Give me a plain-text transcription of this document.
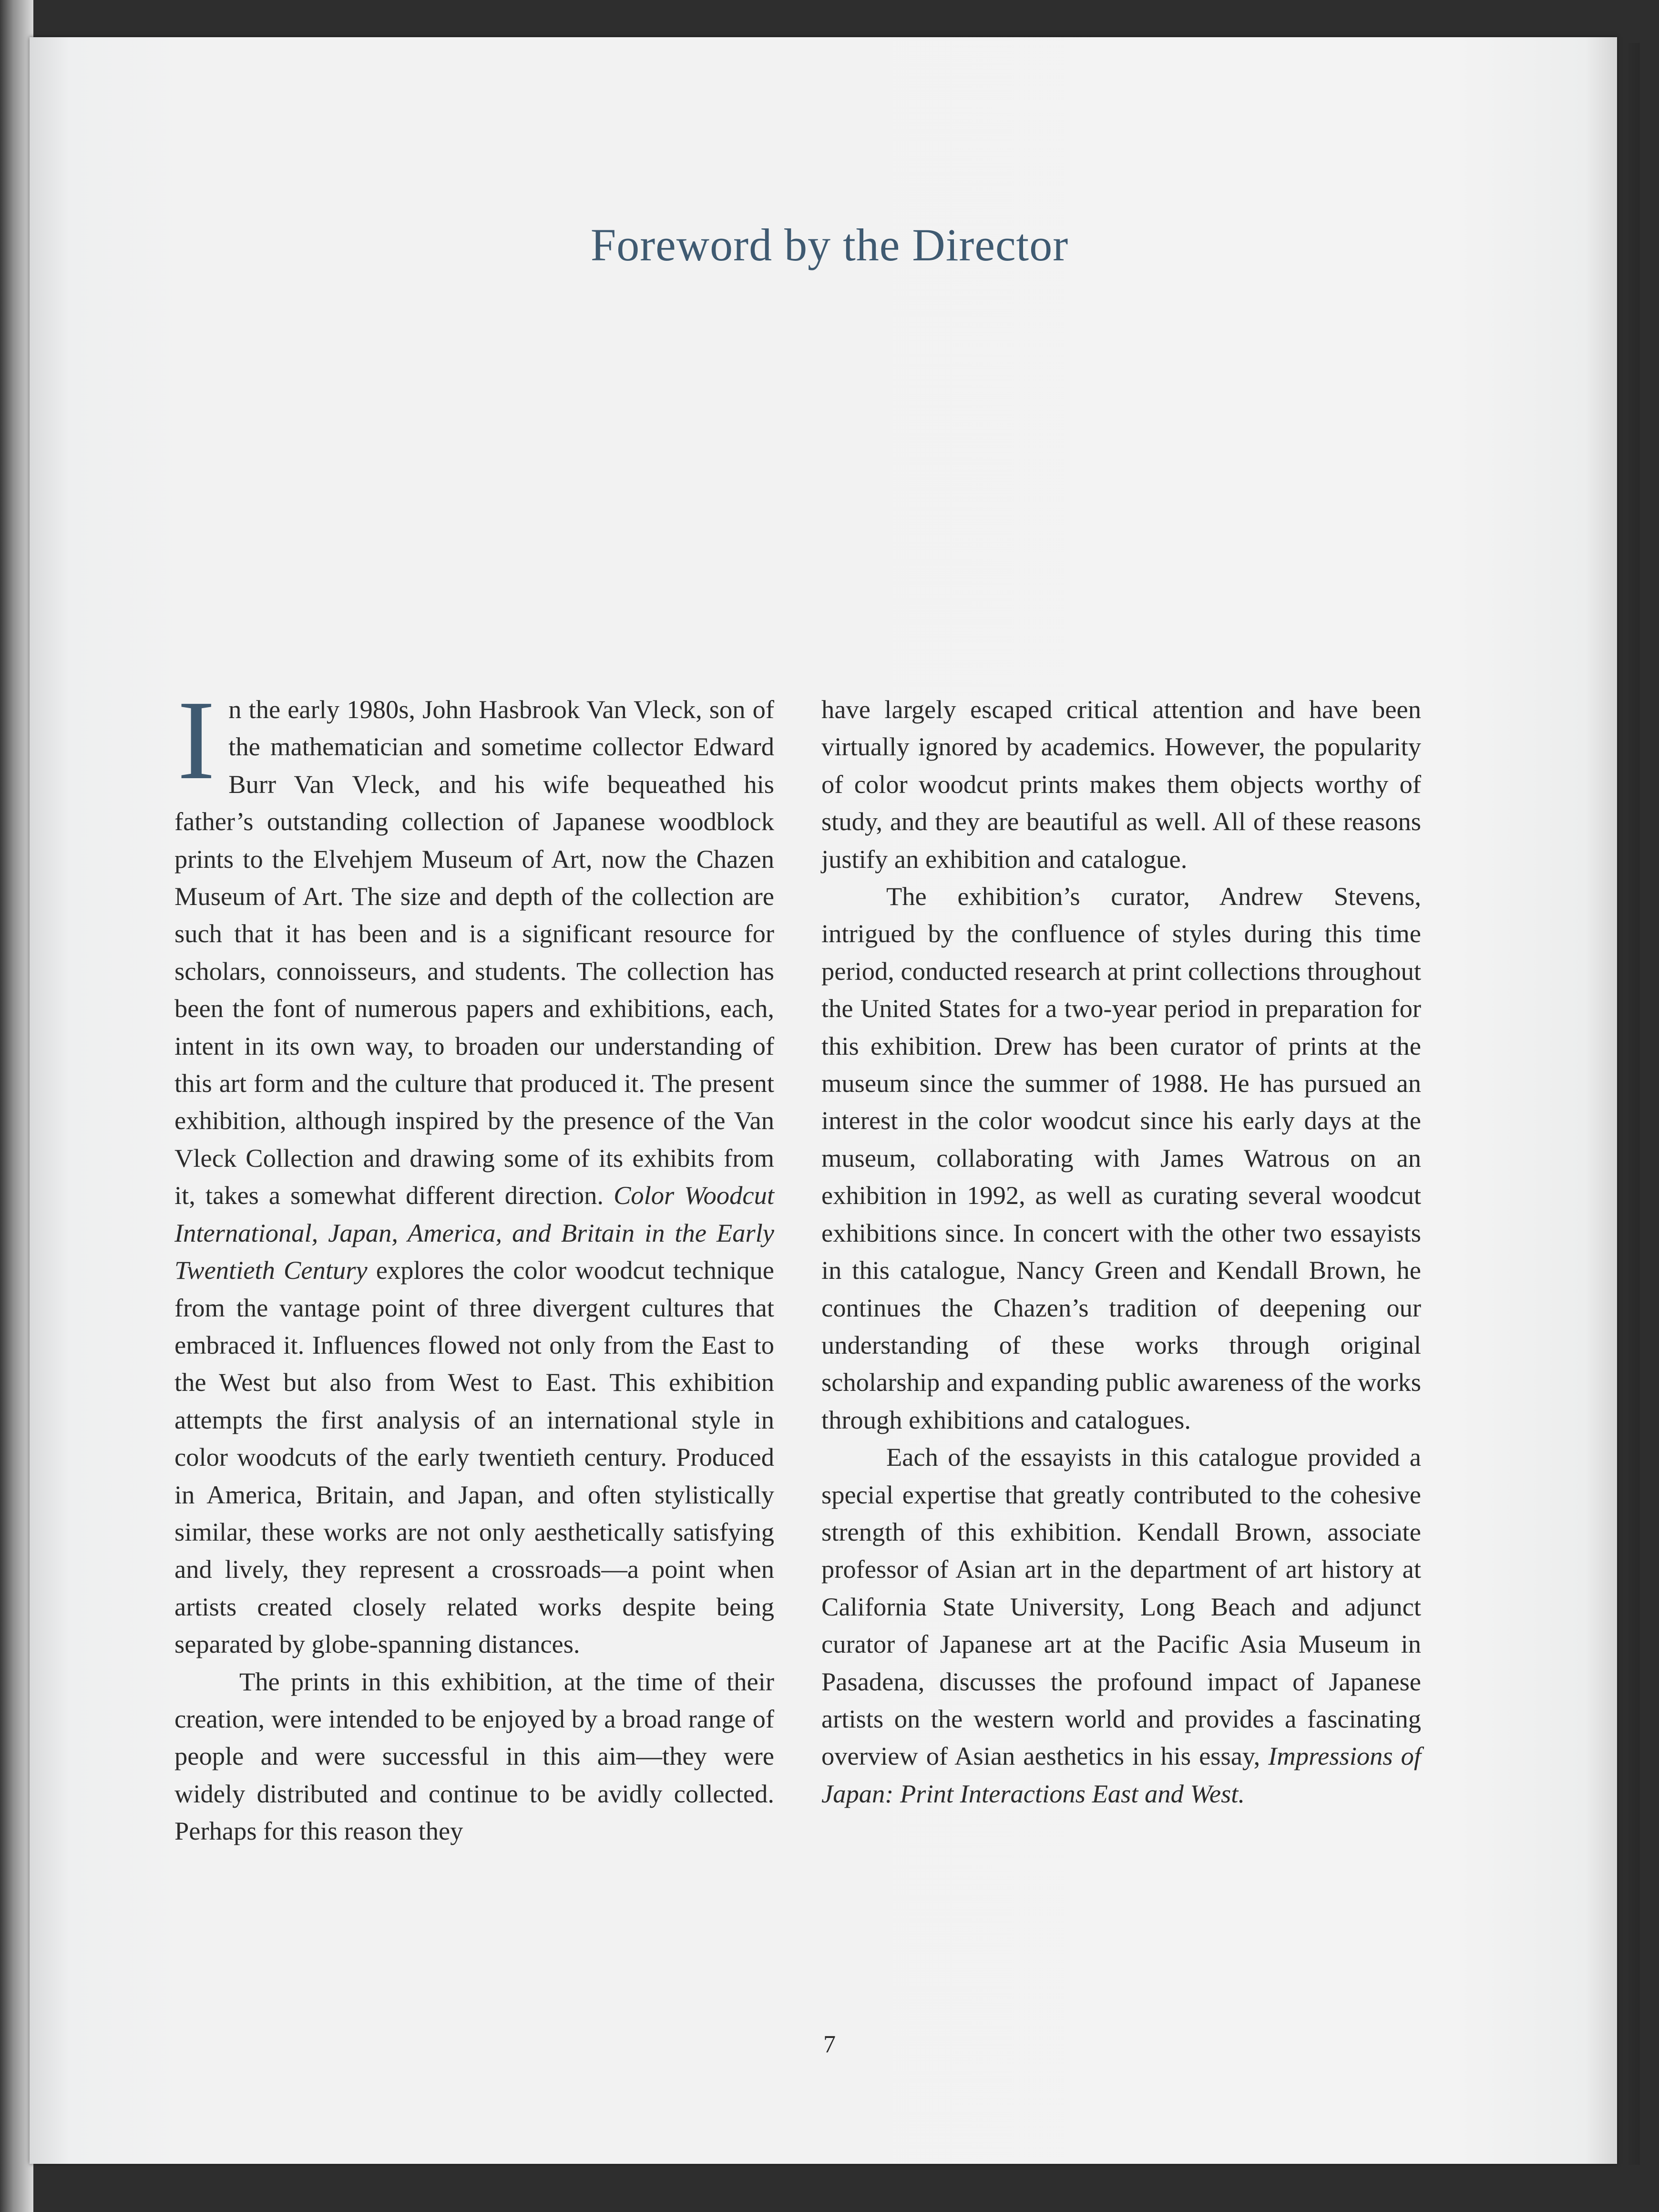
Foreword by the Director

In the early 1980s, John Hasbrook Van Vleck, son of the mathematician and sometime collector Edward Burr Van Vleck, and his wife bequeathed his father’s outstanding collection of Japanese woodblock prints to the Elvehjem Museum of Art, now the Chazen Museum of Art. The size and depth of the collection are such that it has been and is a significant resource for scholars, connoisseurs, and students. The collection has been the font of numerous papers and exhibitions, each, intent in its own way, to broaden our understanding of this art form and the culture that produced it. The present exhibition, although inspired by the presence of the Van Vleck Collection and drawing some of its exhibits from it, takes a somewhat different direction. Color Woodcut International, Japan, America, and Britain in the Early Twentieth Century explores the color woodcut technique from the vantage point of three divergent cultures that embraced it. Influences flowed not only from the East to the West but also from West to East. This exhibition attempts the first analysis of an international style in color woodcuts of the early twentieth century. Produced in America, Britain, and Japan, and often stylistically similar, these works are not only aesthetically satisfying and lively, they represent a crossroads—a point when artists created closely related works despite being separated by globe-spanning distances.

The prints in this exhibition, at the time of their creation, were intended to be enjoyed by a broad range of people and were successful in this aim—they were widely distributed and continue to be avidly collected. Perhaps for this reason they

have largely escaped critical attention and have been virtually ignored by academics. However, the popularity of color woodcut prints makes them objects worthy of study, and they are beautiful as well. All of these reasons justify an exhibition and catalogue.

The exhibition’s curator, Andrew Stevens, intrigued by the confluence of styles during this time period, conducted research at print collections throughout the United States for a two-year period in preparation for this exhibition. Drew has been curator of prints at the museum since the summer of 1988. He has pursued an interest in the color woodcut since his early days at the museum, collaborating with James Watrous on an exhibition in 1992, as well as curating several woodcut exhibitions since. In concert with the other two essayists in this catalogue, Nancy Green and Kendall Brown, he continues the Chazen’s tradition of deepening our understanding of these works through original scholarship and expanding public awareness of the works through exhibitions and catalogues.

Each of the essayists in this catalogue provided a special expertise that greatly contributed to the cohesive strength of this exhibition. Kendall Brown, associate professor of Asian art in the department of art history at California State University, Long Beach and adjunct curator of Japanese art at the Pacific Asia Museum in Pasadena, discusses the profound impact of Japanese artists on the western world and provides a fascinating overview of Asian aesthetics in his essay, Impressions of Japan: Print Interactions East and West.

7
